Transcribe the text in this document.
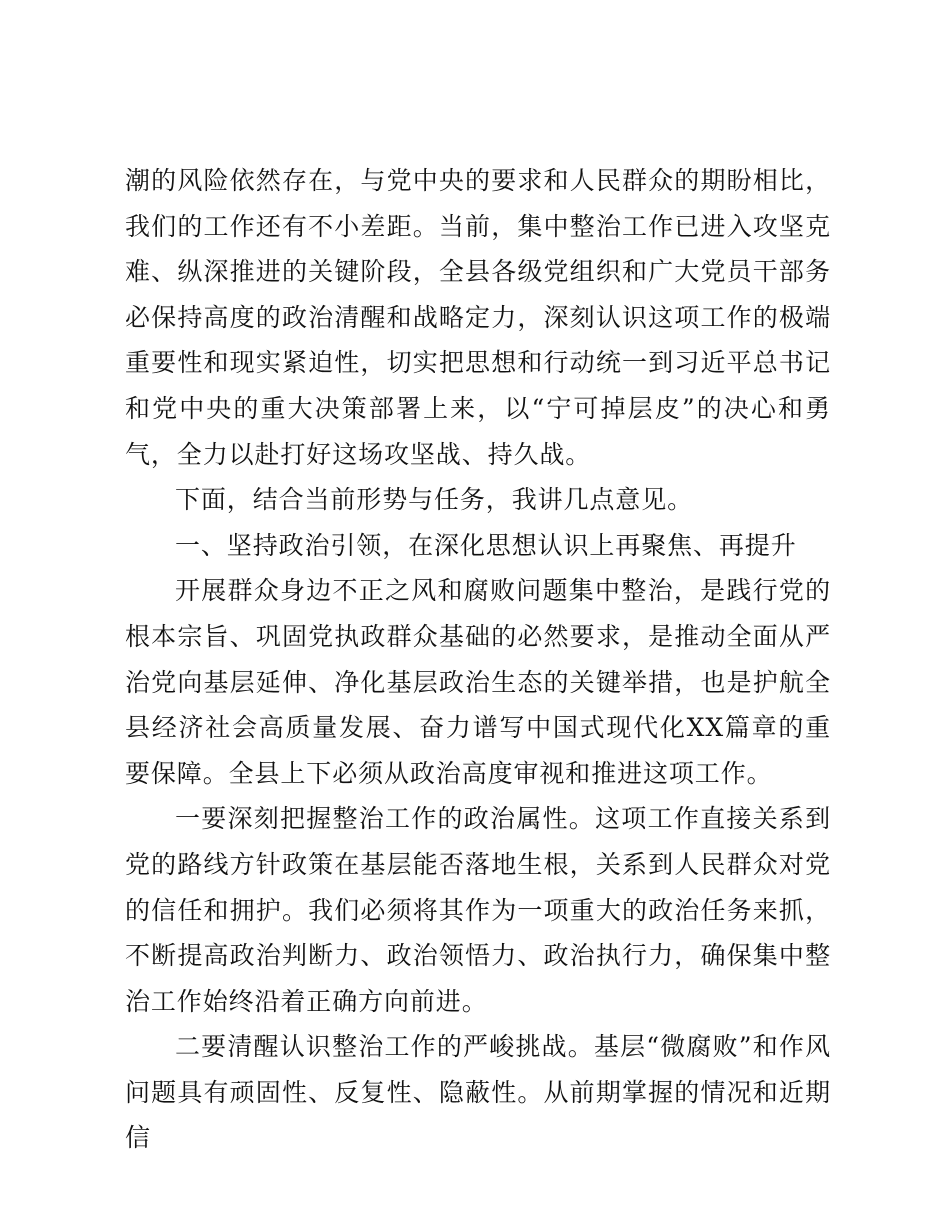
潮的风险依然存在，与党中央的要求和人民群众的期盼相比，我们的工作还有不小差距。当前，集中整治工作已进入攻坚克难、纵深推进的关键阶段，全县各级党组织和广大党员干部务必保持高度的政治清醒和战略定力，深刻认识这项工作的极端重要性和现实紧迫性，切实把思想和行动统一到习近平总书记和党中央的重大决策部署上来，以“宁可掉层皮”的决心和勇气，全力以赴打好这场攻坚战、持久战。

下面，结合当前形势与任务，我讲几点意见。

一、坚持政治引领，在深化思想认识上再聚焦、再提升

开展群众身边不正之风和腐败问题集中整治，是践行党的根本宗旨、巩固党执政群众基础的必然要求，是推动全面从严治党向基层延伸、净化基层政治生态的关键举措，也是护航全县经济社会高质量发展、奋力谱写中国式现代化XX篇章的重要保障。全县上下必须从政治高度审视和推进这项工作。

一要深刻把握整治工作的政治属性。这项工作直接关系到党的路线方针政策在基层能否落地生根，关系到人民群众对党的信任和拥护。我们必须将其作为一项重大的政治任务来抓，不断提高政治判断力、政治领悟力、政治执行力，确保集中整治工作始终沿着正确方向前进。

二要清醒认识整治工作的严峻挑战。基层“微腐败”和作风问题具有顽固性、反复性、隐蔽性。从前期掌握的情况和近期信
